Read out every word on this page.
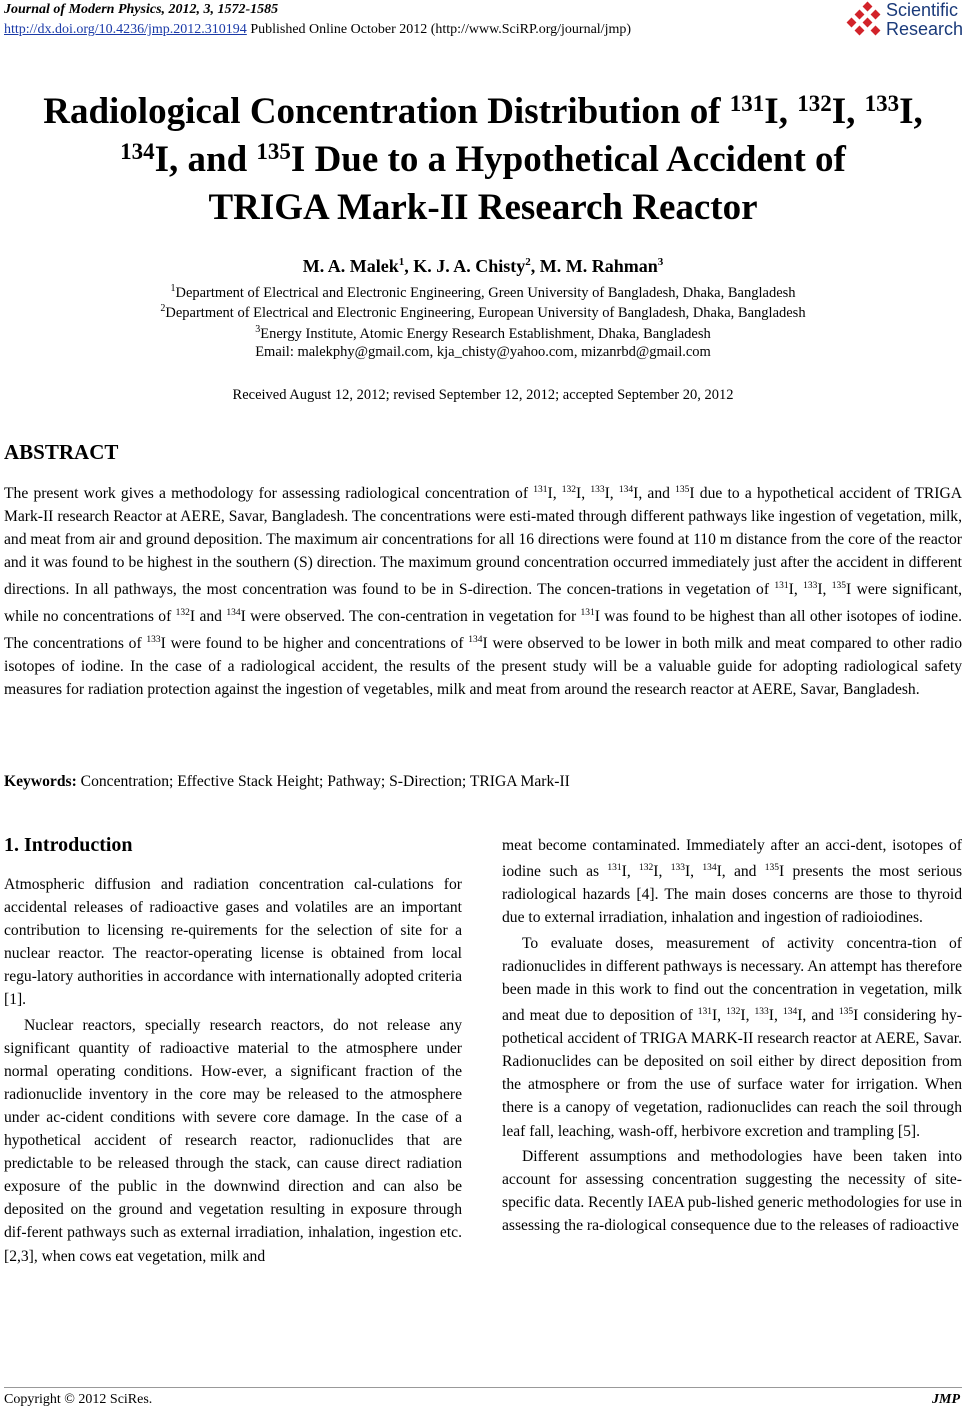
Journal of Modern Physics, 2012, 3, 1572-1585
http://dx.doi.org/10.4236/jmp.2012.310194 Published Online October 2012 (http://www.SciRP.org/journal/jmp)
Scientific
Research
Radiological Concentration Distribution of $^{131}$I, $^{132}$I, $^{133}$I,
$^{134}$I, and $^{135}$I Due to a Hypothetical Accident of
TRIGA Mark-II Research Reactor
M. A. Malek$^1$, K. J. A. Chisty$^2$, M. M. Rahman$^3$
$^1$Department of Electrical and Electronic Engineering, Green University of Bangladesh, Dhaka, Bangladesh
$^2$Department of Electrical and Electronic Engineering, European University of Bangladesh, Dhaka, Bangladesh
$^3$Energy Institute, Atomic Energy Research Establishment, Dhaka, Bangladesh
Email: malekphy@gmail.com, kja_chisty@yahoo.com, mizanrbd@gmail.com
Received August 12, 2012; revised September 12, 2012; accepted September 20, 2012
ABSTRACT
The present work gives a methodology for assessing radiological concentration of $^{131}$I, $^{132}$I, $^{133}$I, $^{134}$I, and $^{135}$I due to a hypothetical accident of TRIGA Mark-II research Reactor at AERE, Savar, Bangladesh. The concentrations were esti-mated through different pathways like ingestion of vegetation, milk, and meat from air and ground deposition. The maximum air concentrations for all 16 directions were found at 110 m distance from the core of the reactor and it was found to be highest in the southern (S) direction. The maximum ground concentration occurred immediately just after the accident in different directions. In all pathways, the most concentration was found to be in S-direction. The concen-trations in vegetation of $^{131}$I, $^{133}$I, $^{135}$I were significant, while no concentrations of $^{132}$I and $^{134}$I were observed. The con-centration in vegetation for $^{131}$I was found to be highest than all other isotopes of iodine. The concentrations of $^{133}$I were found to be higher and concentrations of $^{134}$I were observed to be lower in both milk and meat compared to other radio isotopes of iodine. In the case of a radiological accident, the results of the present study will be a valuable guide for adopting radiological safety measures for radiation protection against the ingestion of vegetables, milk and meat from around the research reactor at AERE, Savar, Bangladesh.
Keywords: Concentration; Effective Stack Height; Pathway; S-Direction; TRIGA Mark-II
1. Introduction

Atmospheric diffusion and radiation concentration cal-culations for accidental releases of radioactive gases and volatiles are an important contribution to licensing re-quirements for the selection of site for a nuclear reactor. The reactor-operating license is obtained from local regu-latory authorities in accordance with internationally adopted criteria [1].

Nuclear reactors, specially research reactors, do not release any significant quantity of radioactive material to the atmosphere under normal operating conditions. How-ever, a significant fraction of the radionuclide inventory in the core may be released to the atmosphere under ac-cident conditions with severe core damage. In the case of a hypothetical accident of research reactor, radionuclides that are predictable to be released through the stack, can cause direct radiation exposure of the public in the downwind direction and can also be deposited on the ground and vegetation resulting in exposure through dif-ferent pathways such as external irradiation, inhalation, ingestion etc. [2,3], when cows eat vegetation, milk and

meat become contaminated. Immediately after an acci-dent, isotopes of iodine such as $^{131}$I, $^{132}$I, $^{133}$I, $^{134}$I, and $^{135}$I presents the most serious radiological hazards [4]. The main doses concerns are those to thyroid due to external irradiation, inhalation and ingestion of radioiodines.

To evaluate doses, measurement of activity concentra-tion of radionuclides in different pathways is necessary. An attempt has therefore been made in this work to find out the concentration in vegetation, milk and meat due to deposition of $^{131}$I, $^{132}$I, $^{133}$I, $^{134}$I, and $^{135}$I considering hy-pothetical accident of TRIGA MARK-II research reactor at AERE, Savar. Radionuclides can be deposited on soil either by direct deposition from the atmosphere or from the use of surface water for irrigation. When there is a canopy of vegetation, radionuclides can reach the soil through leaf fall, leaching, wash-off, herbivore excretion and trampling [5].

Different assumptions and methodologies have been taken into account for assessing concentration suggesting the necessity of site-specific data. Recently IAEA pub-lished generic methodologies for use in assessing the ra-diological consequence due to the releases of radioactive

Copyright © 2012 SciRes.	JMP
